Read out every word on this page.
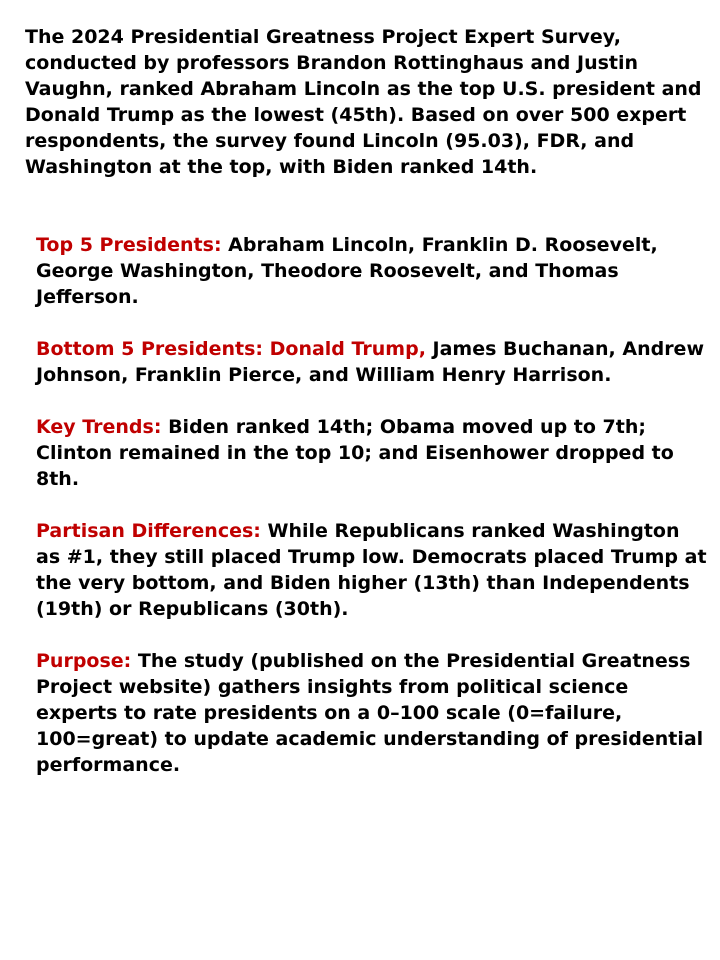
The 2024 Presidential Greatness Project Expert Survey, conducted by professors Brandon Rottinghaus and Justin Vaughn, ranked Abraham Lincoln as the top U.S. president and Donald Trump as the lowest (45th). Based on over 500 expert respondents, the survey found Lincoln (95.03), FDR, and Washington at the top, with Biden ranked 14th.

Top 5 Presidents: Abraham Lincoln, Franklin D. Roosevelt, George Washington, Theodore Roosevelt, and Thomas Jefferson.
Bottom 5 Presidents: Donald Trump, James Buchanan, Andrew Johnson, Franklin Pierce, and William Henry Harrison.
Key Trends: Biden ranked 14th; Obama moved up to 7th; Clinton remained in the top 10; and Eisenhower dropped to 8th.
Partisan Differences: While Republicans ranked Washington as #1, they still placed Trump low. Democrats placed Trump at the very bottom, and Biden higher (13th) than Independents (19th) or Republicans (30th).
Purpose: The study (published on the Presidential Greatness Project website) gathers insights from political science experts to rate presidents on a 0–100 scale (0=failure, 100=great) to update academic understanding of presidential performance.
